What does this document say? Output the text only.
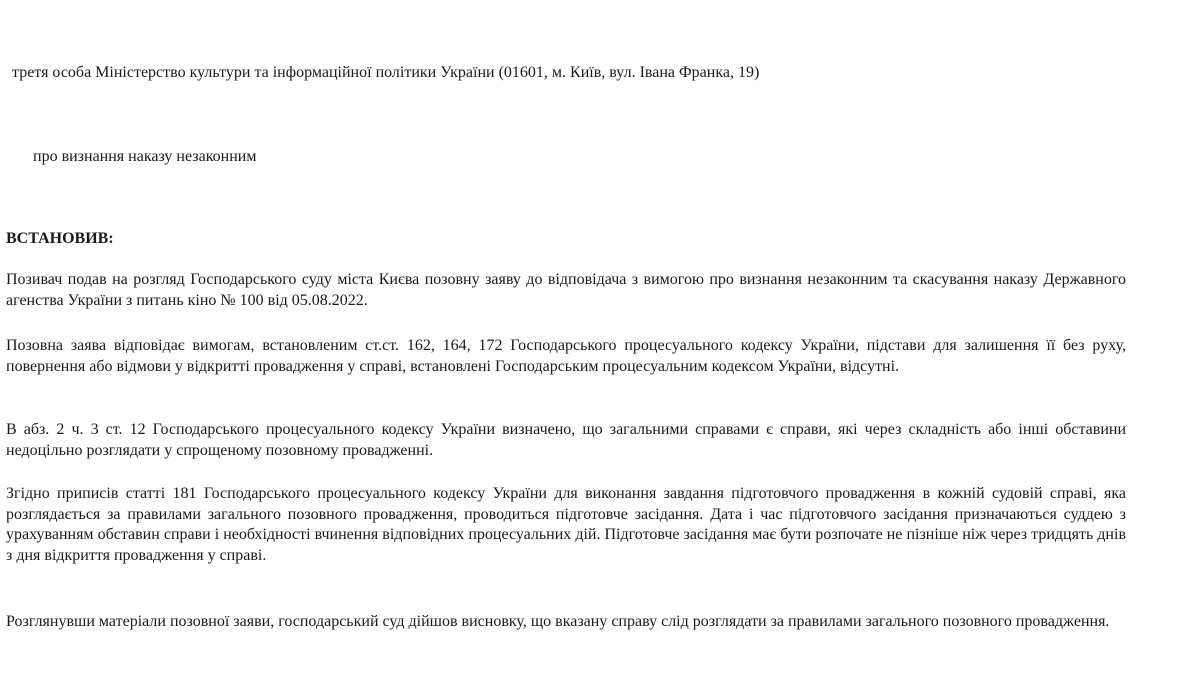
третя особа Міністерство культури та інформаційної політики України (01601, м. Київ, вул. Івана Франка, 19)
про визнання наказу незаконним
ВСТАНОВИВ:

Позивач подав на розгляд Господарського суду міста Києва позовну заяву до відповідача з вимогою про визнання незаконним та скасування наказу Державного агенства України з питань кіно № 100 від 05.08.2022.

Позовна заява відповідає вимогам, встановленим ст.ст. 162, 164, 172 Господарського процесуального кодексу України, підстави для залишення її без руху, повернення або відмови у відкритті провадження у справі, встановлені Господарським процесуальним кодексом України, відсутні.

В абз. 2 ч. 3 ст. 12 Господарського процесуального кодексу України визначено, що загальними справами є справи, які через складність або інші обставини недоцільно розглядати у спрощеному позовному провадженні.

Згідно приписів статті 181 Господарського процесуального кодексу України для виконання завдання підготовчого провадження в кожній судовій справі, яка розглядається за правилами загального позовного провадження, проводиться підготовче засідання. Дата і час підготовчого засідання призначаються суддею з урахуванням обставин справи і необхідності вчинення відповідних процесуальних дій. Підготовче засідання має бути розпочате не пізніше ніж через тридцять днів з дня відкриття провадження у справі.

Розглянувши матеріали позовної заяви, господарський суд дійшов висновку, що вказану справу слід розглядати за правилами загального позовного провадження.
